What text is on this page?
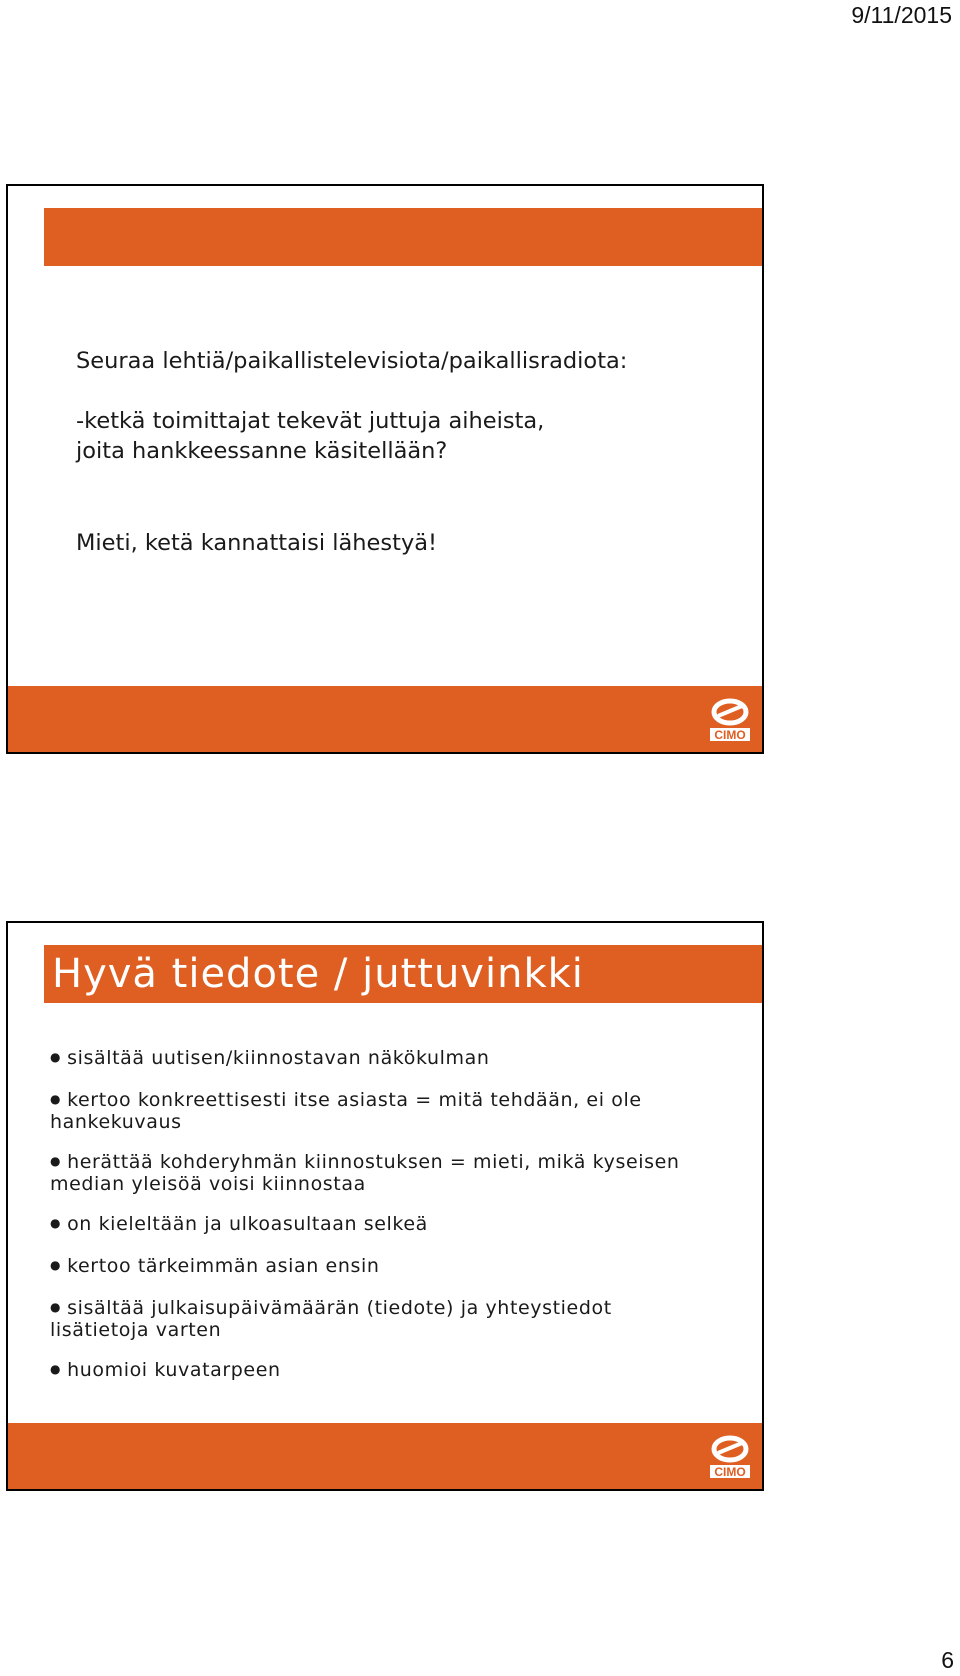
9/11/2015

Seuraa lehtiä/paikallistelevisiota/paikallisradiota:

-ketkä toimittajat tekevät juttuja aiheista,

joita hankkeessanne käsitellään?

Mieti, ketä kannattaisi lähestyä!

CIMO
Hyvä tiedote / juttuvinkki
● sisältää uutisen/kiinnostavan näkökulman
● kertoo konkreettisesti itse asiasta = mitä tehdään, ei ole
hankekuvaus
● herättää kohderyhmän kiinnostuksen = mieti, mikä kyseisen
median yleisöä voisi kiinnostaa
● on kieleltään ja ulkoasultaan selkeä
● kertoo tärkeimmän asian ensin
● sisältää julkaisupäivämäärän (tiedote) ja yhteystiedot
lisätietoja varten
● huomioi kuvatarpeen
CIMO
6
